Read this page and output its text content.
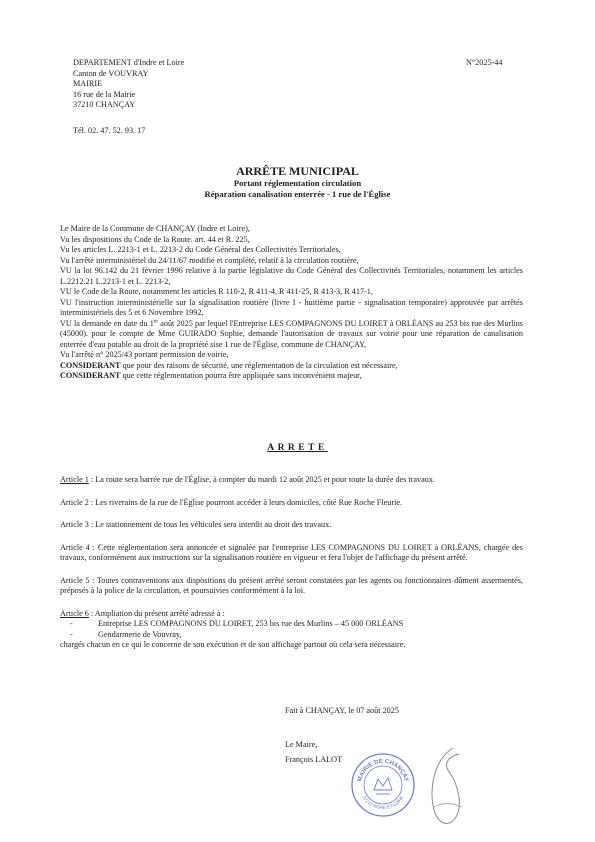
DEPARTEMENT d'Indre et Loire
Canton de VOUVRAY
MAIRIE
16 rue de la Mairie
37210 CHANÇAY
N°2025-44
Tél. 02. 47. 52. 93. 17
ARRÊTE MUNICIPAL
Portant réglementation circulation
Réparation canalisation enterrée - 1 rue de l'Église

Le Maire de la Commune de CHANÇAY (Indre et Loire),

Vu les dispositions du Code de la Route. art. 44 et R. 225,

Vu les articles L. 2213-1 et L. 2213-2 du Code Général des Collectivités Territoriales,

Vu l'arrêté interministériel du 24/11/67 modifié et complété, relatif à la circulation routière,

VU la loi 96.142 du 21 février 1996 relative à la partie législative du Code Général des Collectivités Territoriales, notamment les articles L.2212.21 L.2213-1 et L. 2213-2,

VU le Code de la Route, notamment les articles R 110-2, R 411-4, R 411-25, R 413-3, R 417-1,

VU l'instruction interministérielle sur la signalisation routière (livre I - huitième partie - signalisation temporaire) approuvée par arrêtés interministériels des 5 et 6 Novembre 1992,

VU la demande en date du 1er août 2025 par lequel l'Entreprise LES COMPAGNONS DU LOIRET à ORLÉANS au 253 bis rue des Murlins (45000). pour le compte de Mme GUIRADO Sophie, demande l'autorisation de travaux sur voirie pour une réparation de canalisation enterrée d'eau potable au droit de la propriété sise 1 rue de l'Église, commune de CHANÇAY,

Vu l'arrêté n° 2025/43 portant permission de voirie,

CONSIDERANT que pour des raisons de sécurité, une réglementation de la circulation est nécessaire,

CONSIDERANT que cette réglementation pourra être appliquée sans inconvénient majeur,

ARRETE

Article 1 : La route sera barrée rue de l'Église, à compter du mardi 12 août 2025 et pour toute la durée des travaux.

Article 2 : Les riverains de la rue de l'Église pourront accéder à leurs domiciles, côté Rue Roche Fleurie.

Article 3 : Le stationnement de tous les véhicules sera interdit au droit des travaux.

Article 4 : Cette réglementation sera annoncée et signalée par l'entreprise LES COMPAGNONS DU LOIRET à ORLÉANS, chargée des travaux, conformément aux instructions sur la signalisation routière en vigueur et fera l'objet de l'affichage du présent arrêté.

Article 5 : Toutes contraventions aux dispositions du présent arrêté seront constatées par les agents ou fonctionnaires dûment assermentés, préposés à la police de la circulation, et poursuivies conformément à la loi.

Article 6 : Ampliation du présent arrêté adressé à :
- Entreprise LES COMPAGNONS DU LOIRET, 253 bis rue des Murlins – 45 000 ORLÉANS
- Gendarmerie de Vouvray,
chargés chacun en ce qui le concerne de son exécution et de son affichage partout où cela sera nécessaire.
Fait à CHANÇAY, le 07 août 2025
Le Maire,
François LALOT
MAIRIE DE CHANÇAY
37210 INDRE-ET-LOIRE
